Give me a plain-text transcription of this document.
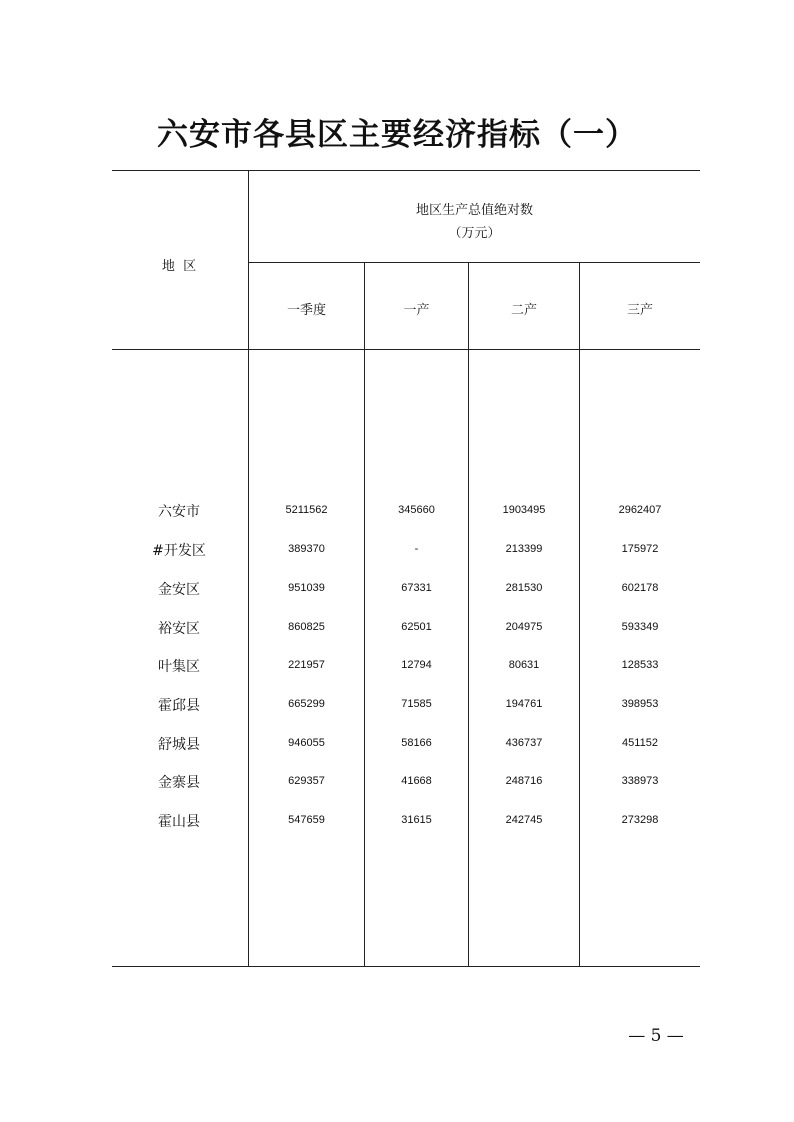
六安市各县区主要经济指标（一）
地  区
地区生产总值绝对数
（万元）
一季度	一产	二产	三产
六安市	5211562	345660	1903495	2962407
#开发区	389370	-	213399	175972
金安区	951039	67331	281530	602178
裕安区	860825	62501	204975	593349
叶集区	221957	12794	80631	128533
霍邱县	665299	71585	194761	398953
舒城县	946055	58166	436737	451152
金寨县	629357	41668	248716	338973
霍山县	547659	31615	242745	273298
— 5 —
